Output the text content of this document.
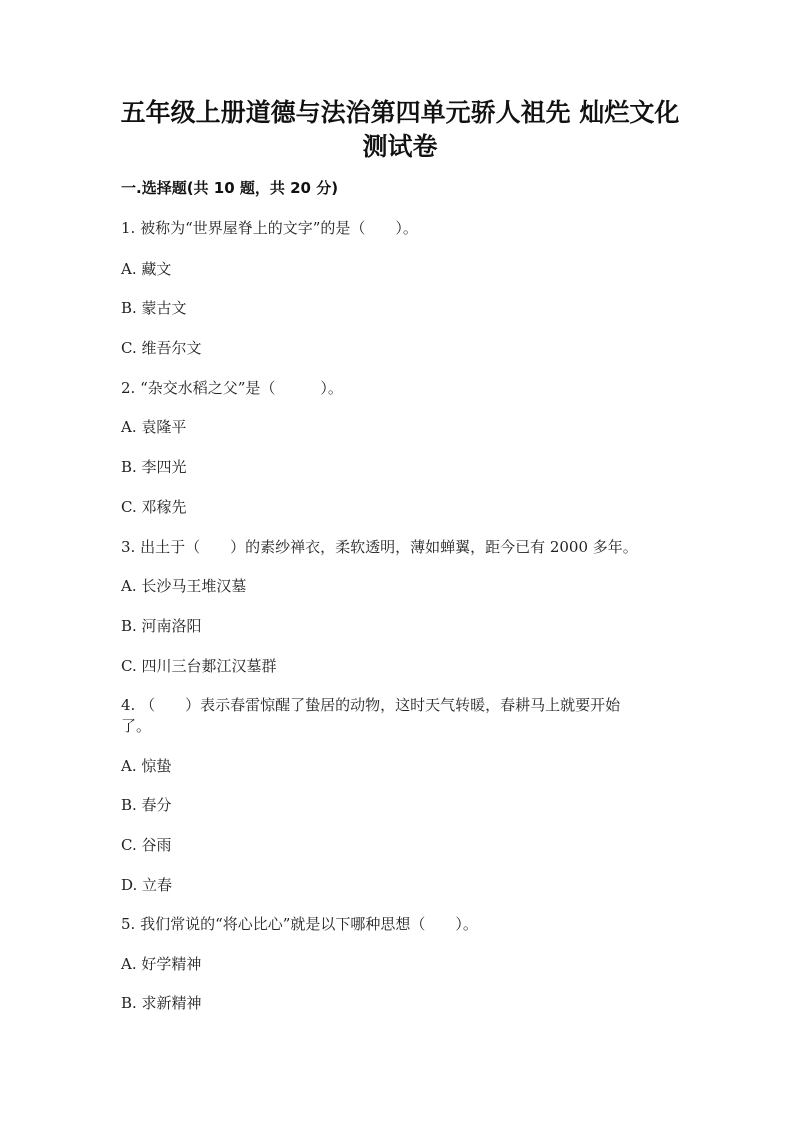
五年级上册道德与法治第四单元骄人祖先 灿烂文化
测试卷
一.选择题(共 10 题，共 20 分)
1. 被称为“世界屋脊上的文字”的是（　　）。
A. 藏文
B. 蒙古文
C. 维吾尔文
2. “杂交水稻之父”是（　　　）。
A. 袁隆平
B. 李四光
C. 邓稼先
3. 出土于（　　）的素纱禅衣，柔软透明，薄如蝉翼，距今已有 2000 多年。
A. 长沙马王堆汉墓
B. 河南洛阳
C. 四川三台郪江汉墓群
4. （　　）表示春雷惊醒了蛰居的动物，这时天气转暖，春耕马上就要开始
了。
A. 惊蛰
B. 春分
C. 谷雨
D. 立春
5. 我们常说的“将心比心”就是以下哪种思想（　　）。
A. 好学精神
B. 求新精神
